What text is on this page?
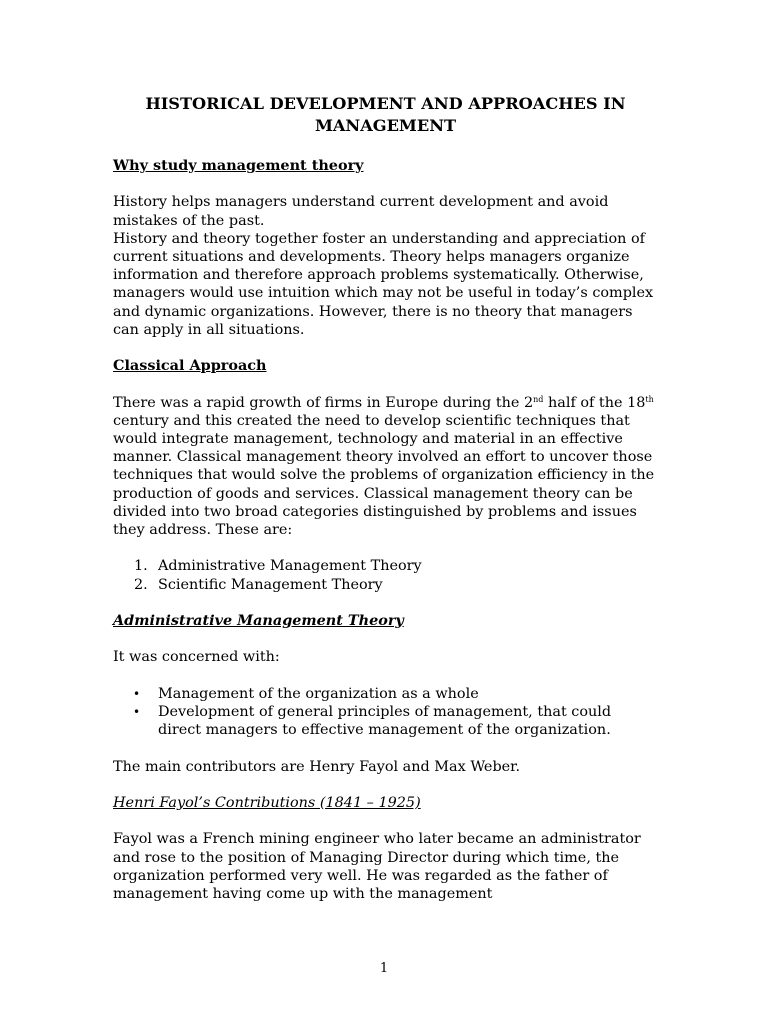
HISTORICAL DEVELOPMENT AND APPROACHES IN MANAGEMENT
Why study management theory

History helps managers understand current development and avoid mistakes of the past.

History and theory together foster an understanding and appreciation of current situations and developments. Theory helps managers organize information and therefore approach problems systematically. Otherwise, managers would use intuition which may not be useful in today’s complex and dynamic organizations. However, there is no theory that managers can apply in all situations.

Classical Approach

There was a rapid growth of firms in Europe during the 2nd half of the 18th century and this created the need to develop scientific techniques that would integrate management, technology and material in an effective manner. Classical management theory involved an effort to uncover those techniques that would solve the problems of organization efficiency in the production of goods and services. Classical management theory can be divided into two broad categories distinguished by problems and issues they address. These are:

1. Administrative Management Theory
2. Scientific Management Theory
Administrative Management Theory

It was concerned with:

• Management of the organization as a whole
• Development of general principles of management, that could direct managers to effective management of the organization.

The main contributors are Henry Fayol and Max Weber.

Henri Fayol’s Contributions (1841 – 1925)

Fayol was a French mining engineer who later became an administrator and rose to the position of Managing Director during which time, the organization performed very well. He was regarded as the father of management having come up with the management

1
